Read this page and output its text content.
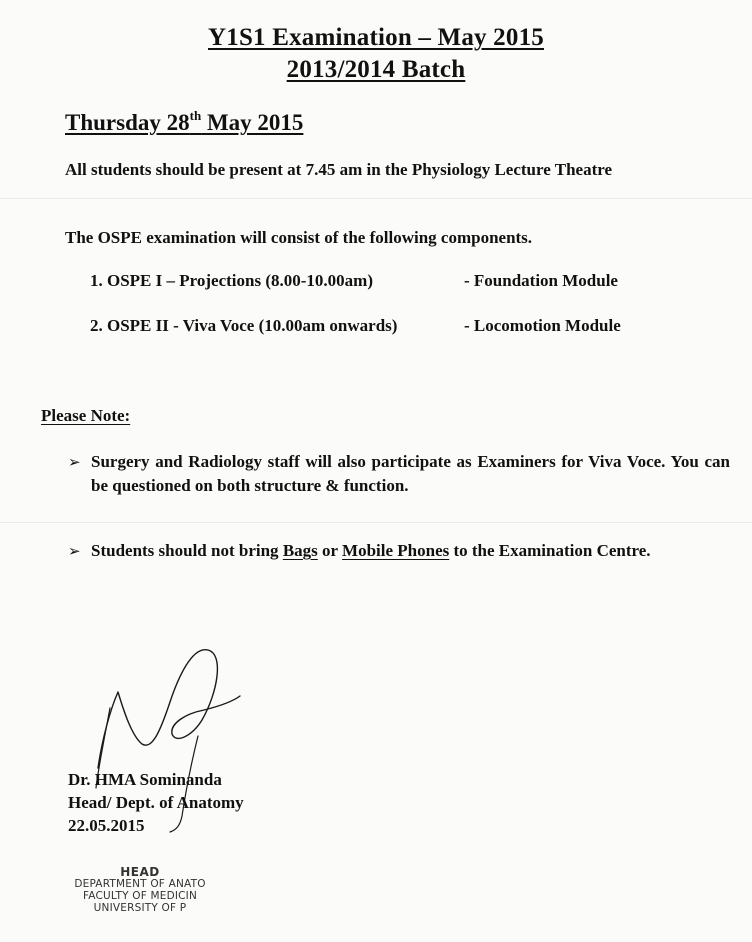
Y1S1 Examination – May 2015
2013/2014 Batch
Thursday 28th May 2015
All students should be present at 7.45 am in the Physiology Lecture Theatre
The OSPE examination will consist of the following components.
1. OSPE I – Projections (8.00-10.00am)	- Foundation Module
2. OSPE II - Viva Voce (10.00am onwards)	- Locomotion Module
Please Note:
➢ Surgery and Radiology staff will also participate as Examiners for Viva Voce. You can be questioned on both structure & function.
➢ Students should not bring Bags or Mobile Phones to the Examination Centre.
Dr. HMA Sominanda
Head/ Dept. of Anatomy
22.05.2015
HEAD
DEPARTMENT OF ANATO
FACULTY OF MEDICIN
UNIVERSITY OF P
